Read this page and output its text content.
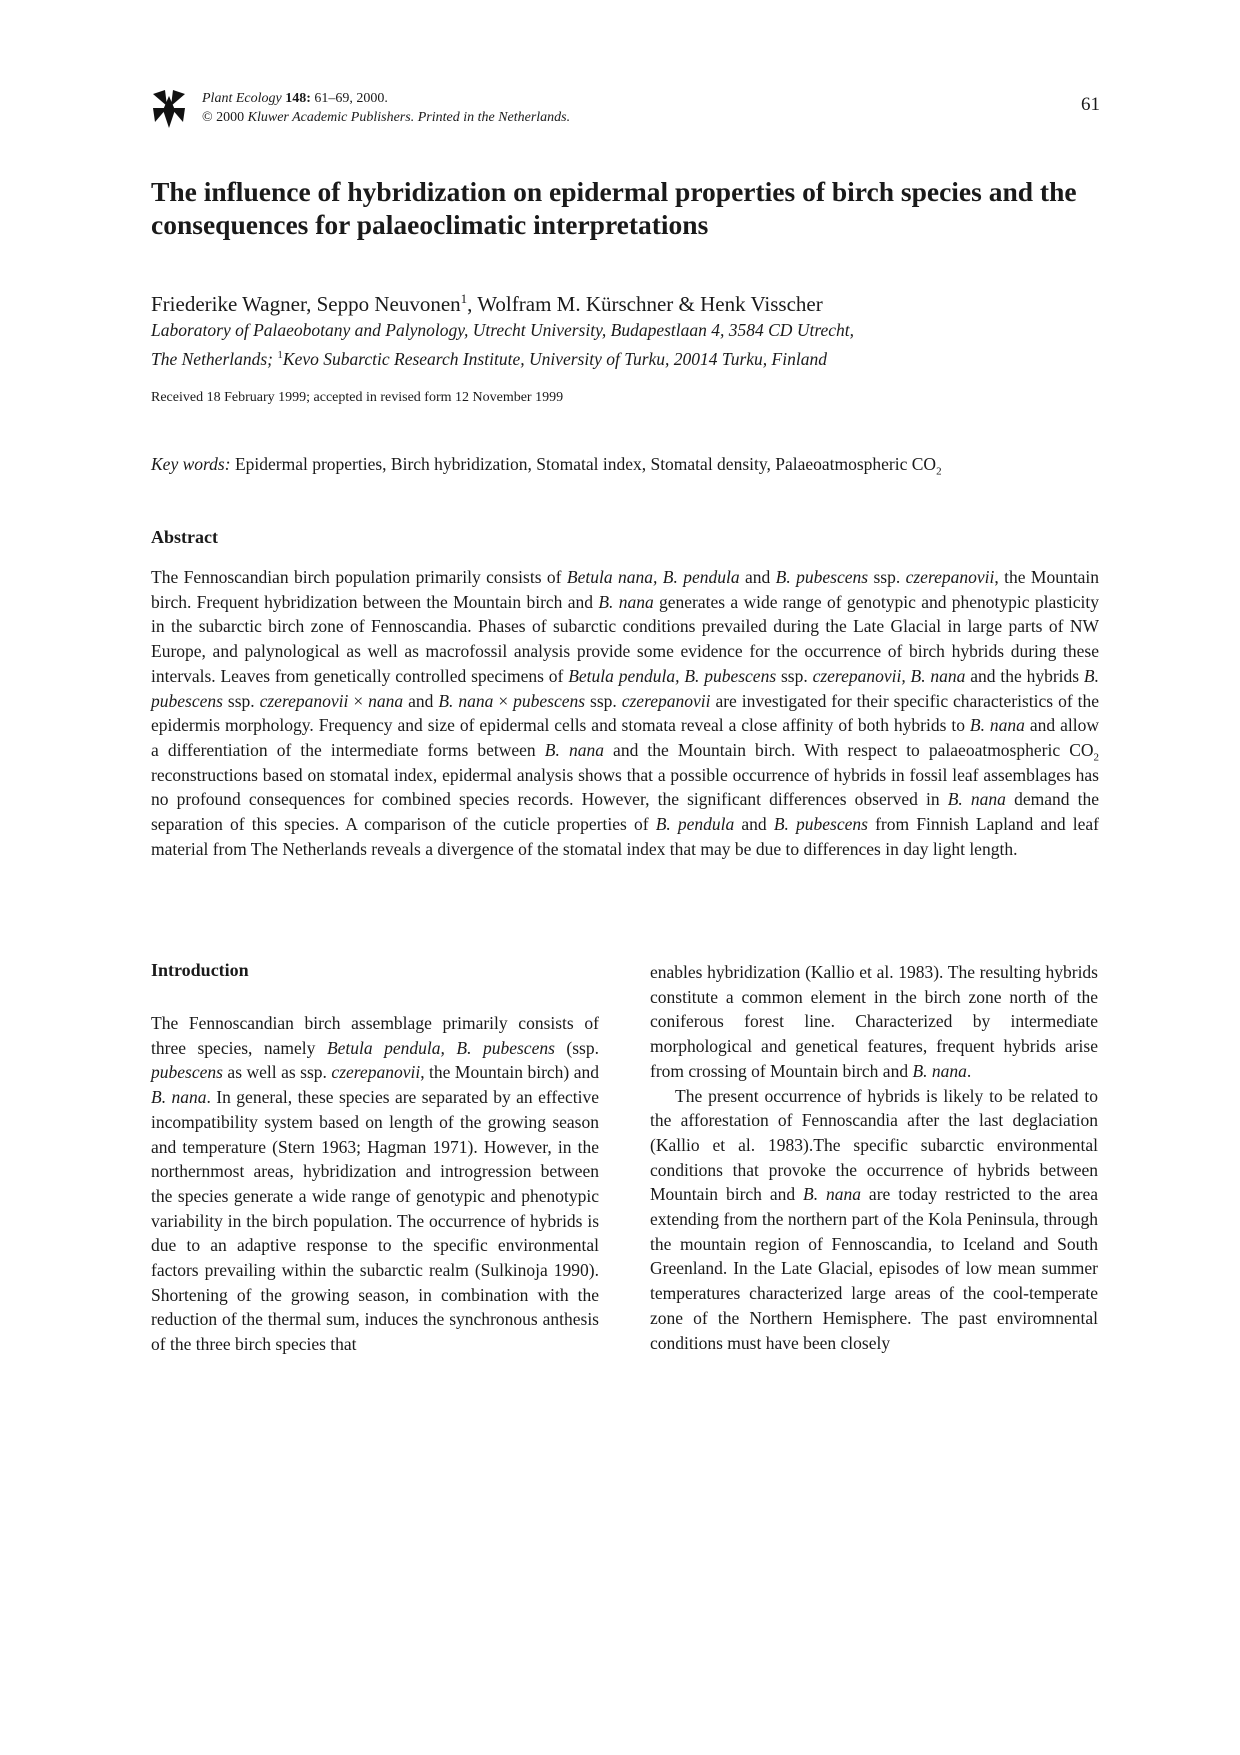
Plant Ecology 148: 61–69, 2000.
© 2000 Kluwer Academic Publishers. Printed in the Netherlands.
61
The influence of hybridization on epidermal properties of birch species and the consequences for palaeoclimatic interpretations

Friederike Wagner, Seppo Neuvonen$^1$, Wolfram M. Kürschner & Henk Visscher

Laboratory of Palaeobotany and Palynology, Utrecht University, Budapestlaan 4, 3584 CD Utrecht,
The Netherlands; $^1$Kevo Subarctic Research Institute, University of Turku, 20014 Turku, Finland
Received 18 February 1999; accepted in revised form 12 November 1999
Key words: Epidermal properties, Birch hybridization, Stomatal index, Stomatal density, Palaeoatmospheric $CO_2$
Abstract

The Fennoscandian birch population primarily consists of Betula nana, B. pendula and B. pubescens ssp. czerepanovii, the Mountain birch. Frequent hybridization between the Mountain birch and B. nana generates a wide range of genotypic and phenotypic plasticity in the subarctic birch zone of Fennoscandia. Phases of subarctic conditions prevailed during the Late Glacial in large parts of NW Europe, and palynological as well as macrofossil analysis provide some evidence for the occurrence of birch hybrids during these intervals. Leaves from genetically controlled specimens of Betula pendula, B. pubescens ssp. czerepanovii, B. nana and the hybrids B. pubescens ssp. czerepanovii × nana and B. nana × pubescens ssp. czerepanovii are investigated for their specific characteristics of the epidermis morphology. Frequency and size of epidermal cells and stomata reveal a close affinity of both hybrids to B. nana and allow a differentiation of the intermediate forms between B. nana and the Mountain birch. With respect to palaeoatmospheric $CO_2$ reconstructions based on stomatal index, epidermal analysis shows that a possible occurrence of hybrids in fossil leaf assemblages has no profound consequences for combined species records. However, the significant differences observed in B. nana demand the separation of this species. A comparison of the cuticle properties of B. pendula and B. pubescens from Finnish Lapland and leaf material from The Netherlands reveals a divergence of the stomatal index that may be due to differences in day light length.

Introduction

The Fennoscandian birch assemblage primarily consists of three species, namely Betula pendula, B. pubescens (ssp. pubescens as well as ssp. czerepanovii, the Mountain birch) and B. nana. In general, these species are separated by an effective incompatibility system based on length of the growing season and temperature (Stern 1963; Hagman 1971). However, in the northernmost areas, hybridization and introgression between the species generate a wide range of genotypic and phenotypic variability in the birch population. The occurrence of hybrids is due to an adaptive response to the specific environmental factors prevailing within the subarctic realm (Sulkinoja 1990). Shortening of the growing season, in combination with the reduction of the thermal sum, induces the synchronous anthesis of the three birch species that

enables hybridization (Kallio et al. 1983). The resulting hybrids constitute a common element in the birch zone north of the coniferous forest line. Characterized by intermediate morphological and genetical features, frequent hybrids arise from crossing of Mountain birch and B. nana.

The present occurrence of hybrids is likely to be related to the afforestation of Fennoscandia after the last deglaciation (Kallio et al. 1983).The specific subarctic environmental conditions that provoke the occurrence of hybrids between Mountain birch and B. nana are today restricted to the area extending from the northern part of the Kola Peninsula, through the mountain region of Fennoscandia, to Iceland and South Greenland. In the Late Glacial, episodes of low mean summer temperatures characterized large areas of the cool-temperate zone of the Northern Hemisphere. The past enviromnental conditions must have been closely
